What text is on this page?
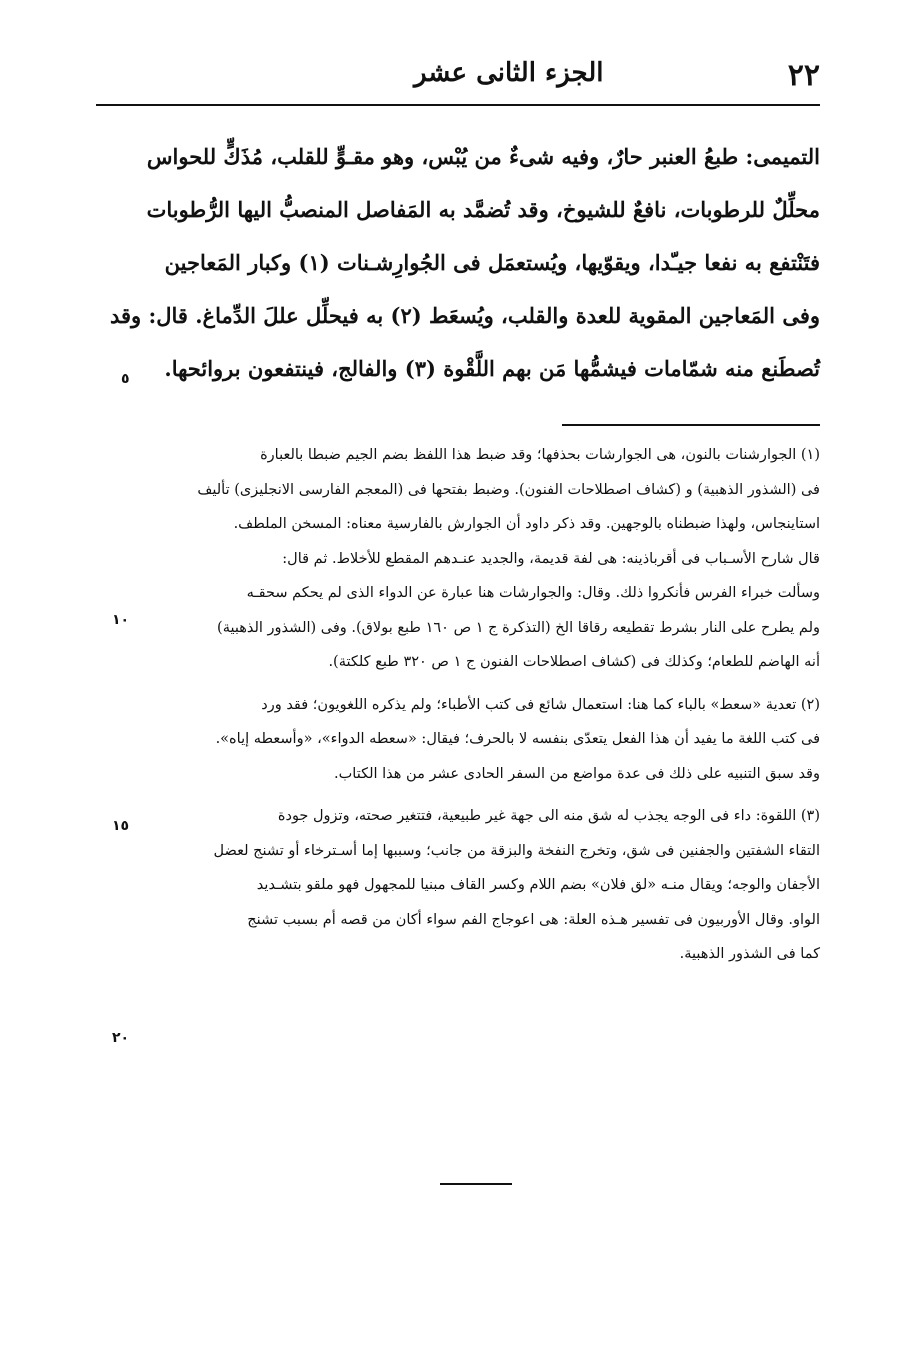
٢٢
الجزء الثانى عشر
التميمى: طبعُ العنبر حارٌ، وفيه شىءٌ من يُبْس، وهو مقـوٍّ للقلب، مُذَكٍّ للحواس
محلِّلٌ للرطوبات، نافعٌ للشيوخ، وقد تُضمَّد به المَفاصل المنصبُّ اليها الرُّطوبات
فتَنْتفع به نفعا جيـّدا، ويقوّيها، ويُستعمَل فى الجُوارِشـنات (١) وكبار المَعاجين
وفى المَعاجين المقوية للعدة والقلب، ويُسعَط (٢) به فيحلِّل عللَ الدِّماغ. قال: وقد
تُصطَنع منه شمّامات فيشمُّها مَن بهم اللَّقْوة (٣) والفالج، فينتفعون بروائحها.
٥
(١) الجوارشنات بالنون، هى الجوارشات بحذفها؛ وقد ضبط هذا اللفظ بضم الجيم ضبطا بالعبارة
فى (الشذور الذهبية) و (كشاف اصطلاحات الفنون). وضبط بفتحها فى (المعجم الفارسى الانجليزى) تأليف
استاينجاس، ولهذا ضبطناه بالوجهين. وقد ذكر داود أن الجوارش بالفارسية معناه: المسخن الملطف.
قال شارح الأسـباب فى أقرباذينه: هى لفة قديمة، والجديد عنـدهم المقطع للأخلاط. ثم قال:
وسألت خبراء الفرس فأنكروا ذلك. وقال: والجوارشات هنا عبارة عن الدواء الذى لم يحكم سحقـه
ولم يطرح على النار بشرط تقطيعه رقاقا الخ (التذكرة ج ١ ص ١٦٠ طبع بولاق). وفى (الشذور الذهبية)
أنه الهاضم للطعام؛ وكذلك فى (كشاف اصطلاحات الفنون ج ١ ص ٣٢٠ طبع كلكتة).
(٢) تعدية «سعط» بالباء كما هنا: استعمال شائع فى كتب الأطباء؛ ولم يذكره اللغويون؛ فقد ورد
فى كتب اللغة ما يفيد أن هذا الفعل يتعدّى بنفسه لا بالحرف؛ فيقال: «سعطه الدواء»، «وأسعطه إياه».
وقد سبق التنبيه على ذلك فى عدة مواضع من السفر الحادى عشر من هذا الكتاب.
(٣) اللقوة: داء فى الوجه يجذب له شق منه الى جهة غير طبيعية، فتتغير صحته، وتزول جودة
التقاء الشفتين والجفنين فى شق، وتخرج النفخة والبزقة من جانب؛ وسببها إما أسـترخاء أو تشنج لعضل
الأجفان والوجه؛ ويقال منـه «لق فلان» بضم اللام وكسر القاف مبنيا للمجهول فهو ملقو بتشـديد
الواو. وقال الأوربيون فى تفسير هـذه العلة: هى اعوجاج الفم سواء أكان من قصه أم بسبب تشنج
كما فى الشذور الذهبية.
١٠
١٥
٢٠
